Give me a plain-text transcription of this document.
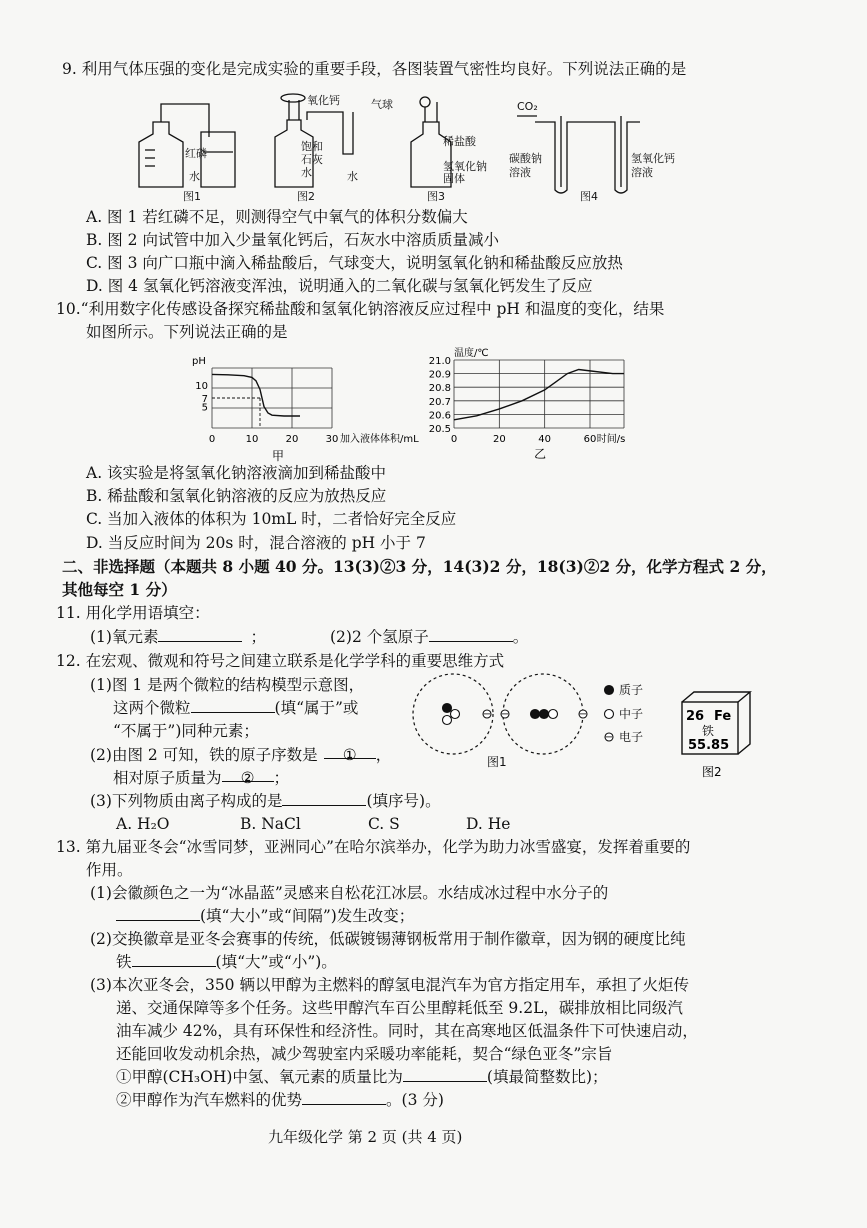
9. 利用气体压强的变化是完成实验的重要手段，各图装置气密性均良好。下列说法正确的是
红磷
水
图1
氧化钙
饱和
石灰
水	水
图2
气球
稀盐酸
氢氧化钠
固体
图3
CO₂
碳酸钠
溶液
氢氧化钙
溶液
图4
A. 图 1 若红磷不足，则测得空气中氧气的体积分数偏大
B. 图 2 向试管中加入少量氧化钙后，石灰水中溶质质量减小
C. 图 3 向广口瓶中滴入稀盐酸后，气球变大，说明氢氧化钠和稀盐酸反应放热
D. 图 4 氢氧化钙溶液变浑浊，说明通入的二氧化碳与氢氧化钙发生了反应
10.“利用数字化传感设备探究稀盐酸和氢氧化钠溶液反应过程中 pH 和温度的变化，结果
如图所示。下列说法正确的是
10
7
5
0	10	20	30
pH
加入液体体积/mL
甲
21.0
20.9
20.8
20.7
20.6
20.5
0	20	40	60
温度/℃
时间/s
乙
A. 该实验是将氢氧化钠溶液滴加到稀盐酸中
B. 稀盐酸和氢氧化钠溶液的反应为放热反应
C. 当加入液体的体积为 10mL 时，二者恰好完全反应
D. 当反应时间为 20s 时，混合溶液的 pH 小于 7
二、非选择题（本题共 8 小题 40 分。13(3)②3 分，14(3)2 分，18(3)②2 分，化学方程式 2 分，
其他每空 1 分）
11. 用化学用语填空：
(1)氧元素	；	(2)2 个氢原子	。
12. 在宏观、微观和符号之间建立联系是化学学科的重要思维方式
(1)图 1 是两个微粒的结构模型示意图，
这两个微粒	(填“属于”或
“不属于”)同种元素；
(2)由图 2 可知，铁的原子序数是 ① ，
相对原子质量为 ② ；
(3)下列物质由离子构成的是	(填序号)。
A. H₂O	B. NaCl	C. S	D. He
− −	−
−
质子
中子
电子
图1
26 Fe
铁
55.85
图2
13. 第九届亚冬会“冰雪同梦，亚洲同心”在哈尔滨举办，化学为助力冰雪盛宴，发挥着重要的
作用。
(1)会徽颜色之一为“冰晶蓝”灵感来自松花江冰层。水结成冰过程中水分子的
(填“大小”或“间隔”)发生改变；
(2)交换徽章是亚冬会赛事的传统，低碳镀锡薄钢板常用于制作徽章，因为钢的硬度比纯
铁	(填“大”或“小”)。
(3)本次亚冬会，350 辆以甲醇为主燃料的醇氢电混汽车为官方指定用车，承担了火炬传
递、交通保障等多个任务。这些甲醇汽车百公里醇耗低至 9.2L，碳排放相比同级汽
油车减少 42%，具有环保性和经济性。同时，其在高寒地区低温条件下可快速启动，
还能回收发动机余热，减少驾驶室内采暖功率能耗，契合“绿色亚冬”宗旨
①甲醇(CH₃OH)中氢、氧元素的质量比为	(填最简整数比)；
②甲醇作为汽车燃料的优势	。(3 分)
九年级化学 第 2 页 (共 4 页)
